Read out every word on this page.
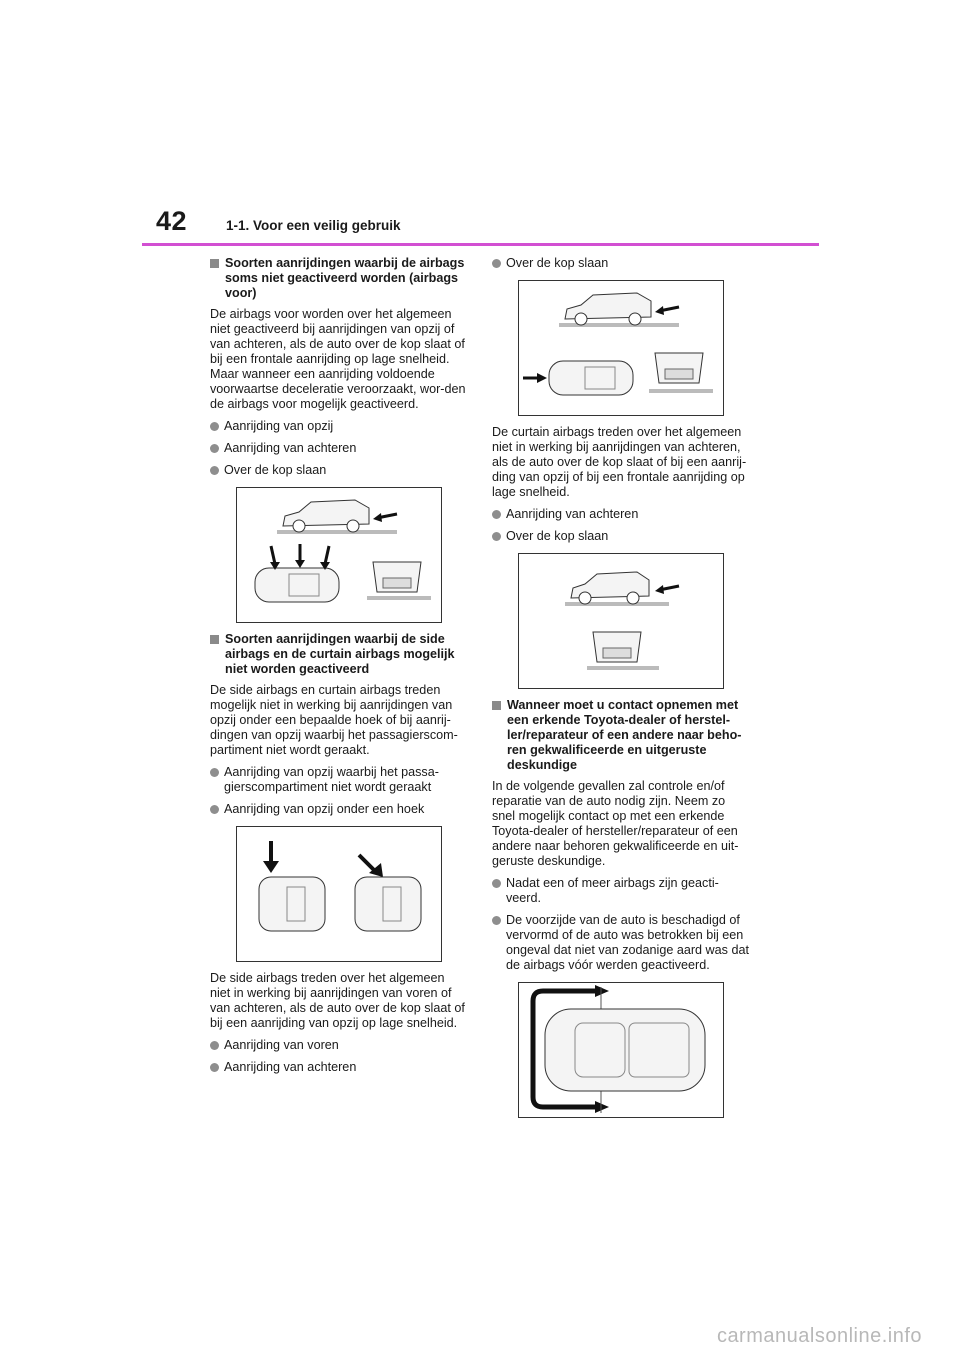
42	1-1. Voor een veilig gebruik
Soorten aanrijdingen waarbij de airbags soms niet geactiveerd worden (airbags voor)

De airbags voor worden over het algemeen niet geactiveerd bij aanrijdingen van opzij of van achteren, als de auto over de kop slaat of bij een frontale aanrijding op lage snelheid. Maar wanneer een aanrijding voldoende voorwaartse deceleratie veroorzaakt, wor-den de airbags voor mogelijk geactiveerd.

Aanrijding van opzij
Aanrijding van achteren
Over de kop slaan
Soorten aanrijdingen waarbij de side airbags en de curtain airbags mogelijk niet worden geactiveerd

De side airbags en curtain airbags treden mogelijk niet in werking bij aanrijdingen van opzij onder een bepaalde hoek of bij aanrij-dingen van opzij waarbij het passagierscom-partiment niet wordt geraakt.

Aanrijding van opzij waarbij het passa-gierscompartiment niet wordt geraakt
Aanrijding van opzij onder een hoek

De side airbags treden over het algemeen niet in werking bij aanrijdingen van voren of van achteren, als de auto over de kop slaat of bij een aanrijding van opzij op lage snelheid.

Aanrijding van voren
Aanrijding van achteren
Over de kop slaan

De curtain airbags treden over het algemeen niet in werking bij aanrijdingen van achteren, als de auto over de kop slaat of bij een aanrij-ding van opzij of bij een frontale aanrijding op lage snelheid.

Aanrijding van achteren
Over de kop slaan
Wanneer moet u contact opnemen met een erkende Toyota-dealer of herstel-ler/reparateur of een andere naar beho-ren gekwalificeerde en uitgeruste deskundige

In de volgende gevallen zal controle en/of reparatie van de auto nodig zijn. Neem zo snel mogelijk contact op met een erkende Toyota-dealer of hersteller/reparateur of een andere naar behoren gekwalificeerde en uit-geruste deskundige.

Nadat een of meer airbags zijn geacti-veerd.
De voorzijde van de auto is beschadigd of vervormd of de auto was betrokken bij een ongeval dat niet van zodanige aard was dat de airbags vóór werden geactiveerd.
carmanualsonline.info
